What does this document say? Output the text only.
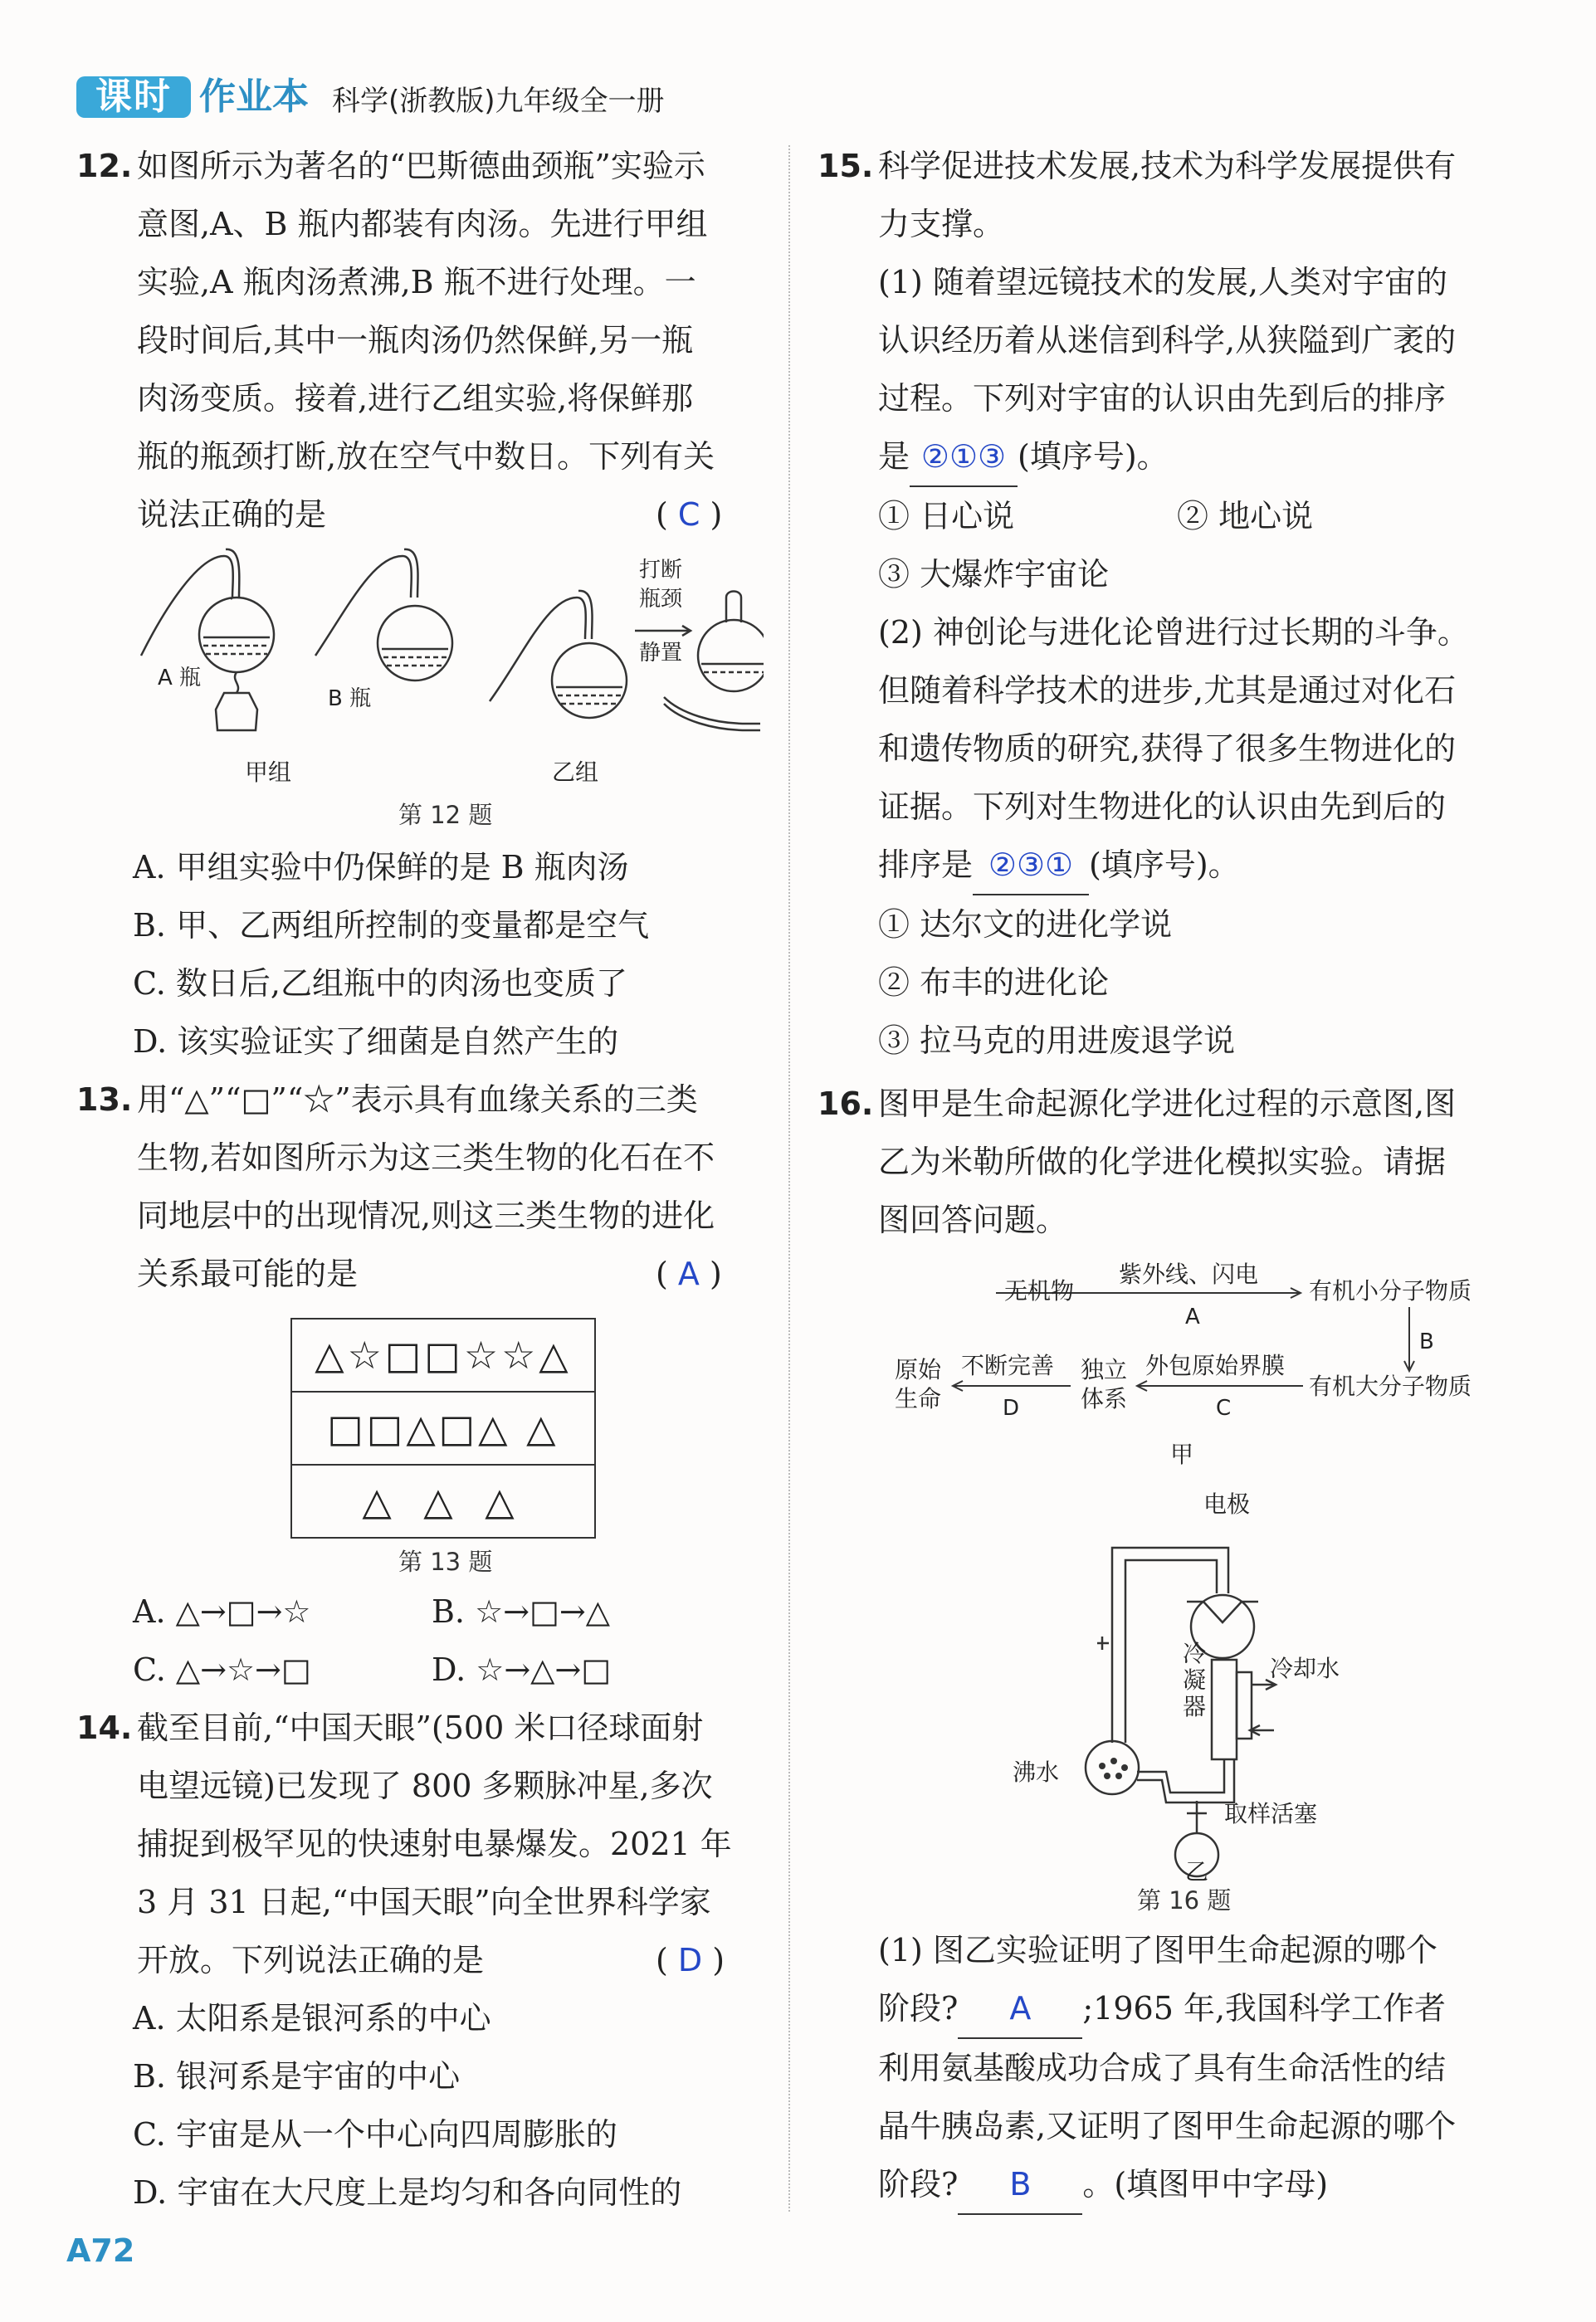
课时 作业本 科学(浙教版)九年级全一册
12. 如图所示为著名的“巴斯德曲颈瓶”实验示
意图,A、B 瓶内都装有肉汤。先进行甲组
实验,A 瓶肉汤煮沸,B 瓶不进行处理。一
段时间后,其中一瓶肉汤仍然保鲜,另一瓶
肉汤变质。接着,进行乙组实验,将保鲜那
瓶的瓶颈打断,放在空气中数日。下列有关
说法正确的是	( C )
A 瓶
B 瓶
打断
瓶颈
静置
甲组	乙组
第 12 题
A. 甲组实验中仍保鲜的是 B 瓶肉汤
B. 甲、乙两组所控制的变量都是空气
C. 数日后,乙组瓶中的肉汤也变质了
D. 该实验证实了细菌是自然产生的
13. 用“△”“□”“☆”表示具有血缘关系的三类
生物,若如图所示为这三类生物的化石在不
同地层中的出现情况,则这三类生物的进化
关系最可能的是	( A )
△☆□□☆☆△
□□△□△ △
△ △ △
第 13 题
A. △→□→☆	B. ☆→□→△
C. △→☆→□	D. ☆→△→□
14. 截至目前,“中国天眼”(500 米口径球面射
电望远镜)已发现了 800 多颗脉冲星,多次
捕捉到极罕见的快速射电暴爆发。2021 年
3 月 31 日起,“中国天眼”向全世界科学家
开放。下列说法正确的是	( D )
A. 太阳系是银河系的中心
B. 银河系是宇宙的中心
C. 宇宙是从一个中心向四周膨胀的
D. 宇宙在大尺度上是均匀和各向同性的
15. 科学促进技术发展,技术为科学发展提供有
力支撑。
(1) 随着望远镜技术的发展,人类对宇宙的
认识经历着从迷信到科学,从狭隘到广袤的
过程。下列对宇宙的认识由先到后的排序
是 ②①③ (填序号)。
① 日心说	② 地心说
③ 大爆炸宇宙论
(2) 神创论与进化论曾进行过长期的斗争。
但随着科学技术的进步,尤其是通过对化石
和遗传物质的研究,获得了很多生物进化的
证据。下列对生物进化的认识由先到后的
排序是 ②③① (填序号)。
① 达尔文的进化学说
② 布丰的进化论
③ 拉马克的用进废退学说
16. 图甲是生命起源化学进化过程的示意图,图
乙为米勒所做的化学进化模拟实验。请据
图回答问题。
无机物
紫外线、闪电
A
有机小分子物质
B
有机大分子物质
外包原始界膜
C
独立
体系
不断完善
D
原始
生命
甲
电极
冷
凝
器
冷却水
沸水
取样活塞
乙
第 16 题
(1) 图乙实验证明了图甲生命起源的哪个
阶段? A ;1965 年,我国科学工作者
利用氨基酸成功合成了具有生命活性的结
晶牛胰岛素,又证明了图甲生命起源的哪个
阶段? B 。(填图甲中字母)
A72
